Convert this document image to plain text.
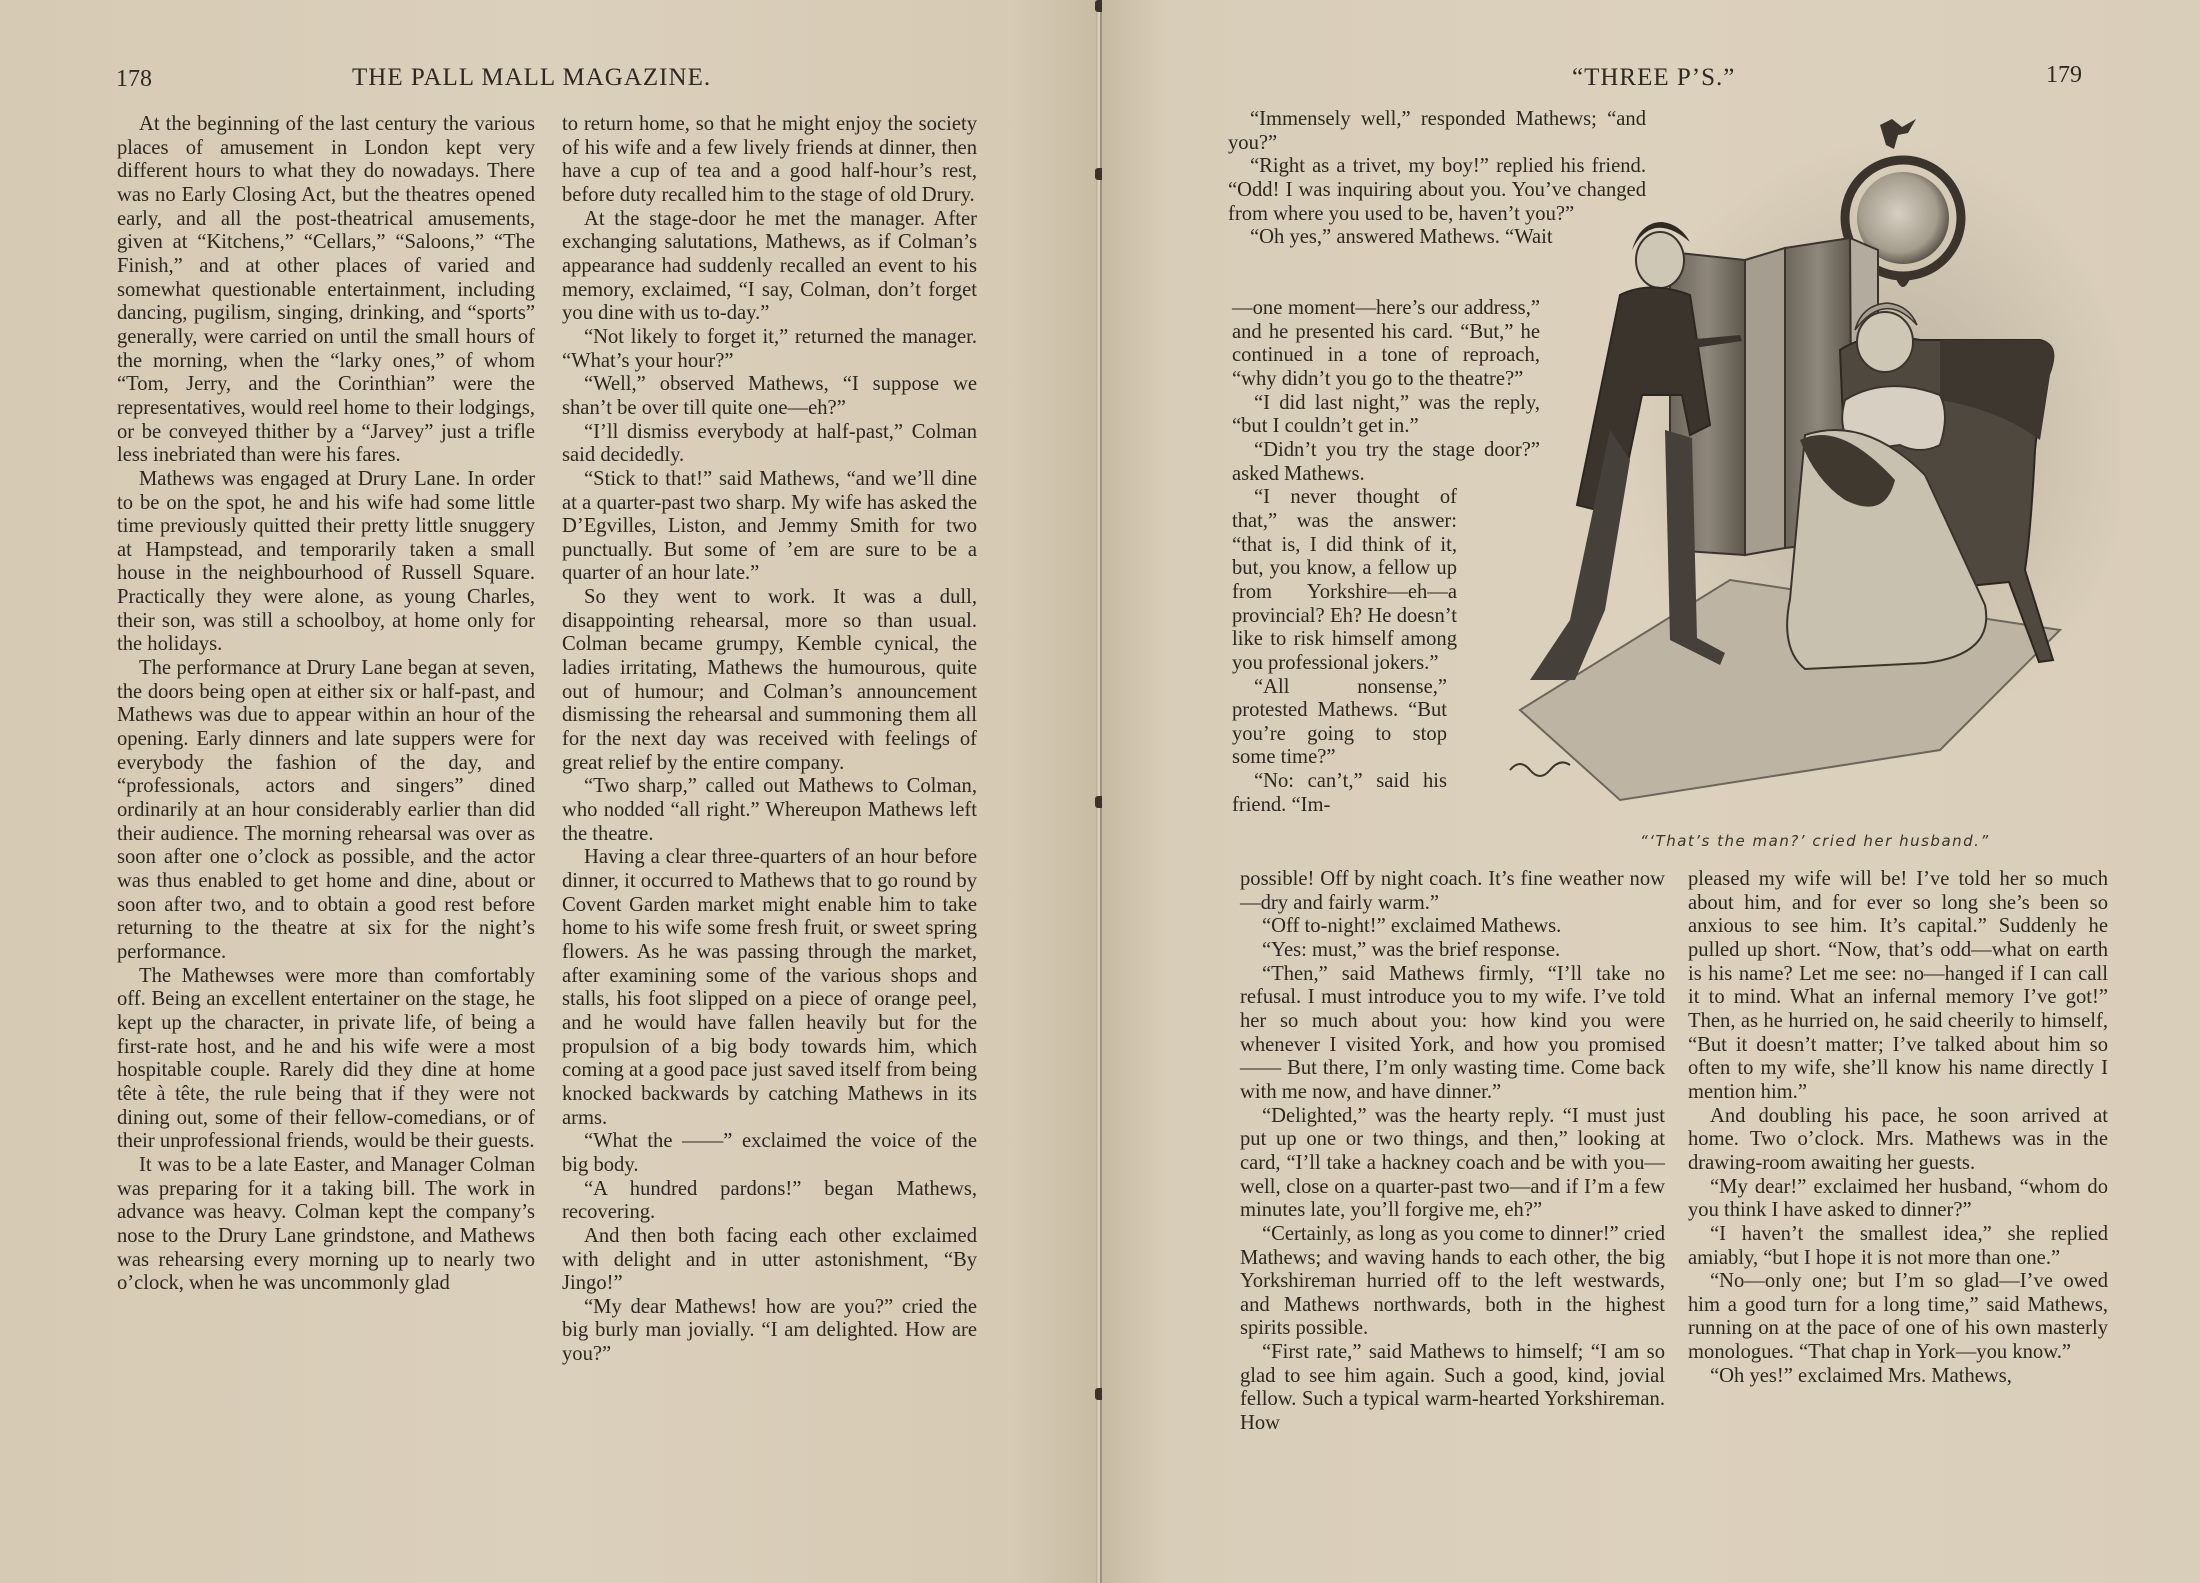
178	THE PALL MALL MAGAZINE.

At the beginning of the last century the various places of amusement in London kept very different hours to what they do nowadays. There was no Early Closing Act, but the theatres opened early, and all the post-theatrical amusements, given at “Kitchens,” “Cellars,” “Saloons,” “The Finish,” and at other places of varied and somewhat questionable entertainment, including dancing, pugilism, singing, drinking, and “sports” generally, were carried on until the small hours of the morning, when the “larky ones,” of whom “Tom, Jerry, and the Corinthian” were the representatives, would reel home to their lodgings, or be conveyed thither by a “Jarvey” just a trifle less inebriated than were his fares.

Mathews was engaged at Drury Lane. In order to be on the spot, he and his wife had some little time previously quitted their pretty little snuggery at Hampstead, and temporarily taken a small house in the neighbourhood of Russell Square. Practically they were alone, as young Charles, their son, was still a schoolboy, at home only for the holidays.

The performance at Drury Lane began at seven, the doors being open at either six or half-past, and Mathews was due to appear within an hour of the opening. Early dinners and late suppers were for everybody the fashion of the day, and “professionals, actors and singers” dined ordinarily at an hour considerably earlier than did their audience. The morning rehearsal was over as soon after one o’clock as possible, and the actor was thus enabled to get home and dine, about or soon after two, and to obtain a good rest before returning to the theatre at six for the night’s performance.

The Mathewses were more than comfortably off. Being an excellent entertainer on the stage, he kept up the character, in private life, of being a first-rate host, and he and his wife were a most hospitable couple. Rarely did they dine at home tête à tête, the rule being that if they were not dining out, some of their fellow-comedians, or of their unprofessional friends, would be their guests.

It was to be a late Easter, and Manager Colman was preparing for it a taking bill. The work in advance was heavy. Colman kept the company’s nose to the Drury Lane grindstone, and Mathews was rehearsing every morning up to nearly two o’clock, when he was uncommonly glad

to return home, so that he might enjoy the society of his wife and a few lively friends at dinner, then have a cup of tea and a good half-hour’s rest, before duty recalled him to the stage of old Drury.

At the stage-door he met the manager. After exchanging salutations, Mathews, as if Colman’s appearance had suddenly recalled an event to his memory, exclaimed, “I say, Colman, don’t forget you dine with us to-day.”

“Not likely to forget it,” returned the manager. “What’s your hour?”

“Well,” observed Mathews, “I suppose we shan’t be over till quite one—eh?”

“I’ll dismiss everybody at half-past,” Colman said decidedly.

“Stick to that!” said Mathews, “and we’ll dine at a quarter-past two sharp. My wife has asked the D’Egvilles, Liston, and Jemmy Smith for two punctually. But some of ’em are sure to be a quarter of an hour late.”

So they went to work. It was a dull, disappointing rehearsal, more so than usual. Colman became grumpy, Kemble cynical, the ladies irritating, Mathews the humourous, quite out of humour; and Colman’s announcement dismissing the rehearsal and summoning them all for the next day was received with feelings of great relief by the entire company.

“Two sharp,” called out Mathews to Colman, who nodded “all right.” Whereupon Mathews left the theatre.

Having a clear three-quarters of an hour before dinner, it occurred to Mathews that to go round by Covent Garden market might enable him to take home to his wife some fresh fruit, or sweet spring flowers. As he was passing through the market, after examining some of the various shops and stalls, his foot slipped on a piece of orange peel, and he would have fallen heavily but for the propulsion of a big body towards him, which coming at a good pace just saved itself from being knocked backwards by catching Mathews in its arms.

“What the ——” exclaimed the voice of the big body.

“A hundred pardons!” began Mathews, recovering.

And then both facing each other exclaimed with delight and in utter astonishment, “By Jingo!”

“My dear Mathews! how are you?” cried the big burly man jovially. “I am delighted. How are you?”

“THREE P’S.”	179

“Immensely well,” responded Mathews; “and you?”

“Right as a trivet, my boy!” replied his friend. “Odd! I was inquiring about you. You’ve changed from where you used to be, haven’t you?”

“Oh yes,” answered Mathews. “Wait

—one moment—here’s our address,” and he presented his card. “But,” he continued in a tone of reproach, “why didn’t you go to the theatre?”

“I did last night,” was the reply, “but I couldn’t get in.”

“Didn’t you try the stage door?” asked Mathews.

“I never thought of that,” was the answer: “that is, I did think of it, but, you know, a fellow up from Yorkshire—eh—a provincial? Eh? He doesn’t like to risk himself among you professional jokers.”

“All nonsense,” protested Mathews. “But you’re going to stop some time?”

“No: can’t,” said his friend. “Im-

“‘That’s the man?’ cried her husband.”

possible! Off by night coach. It’s fine weather now—dry and fairly warm.”

“Off to-night!” exclaimed Mathews.

“Yes: must,” was the brief response.

“Then,” said Mathews firmly, “I’ll take no refusal. I must introduce you to my wife. I’ve told her so much about you: how kind you were whenever I visited York, and how you promised—— But there, I’m only wasting time. Come back with me now, and have dinner.”

“Delighted,” was the hearty reply. “I must just put up one or two things, and then,” looking at card, “I’ll take a hackney coach and be with you—well, close on a quarter-past two—and if I’m a few minutes late, you’ll forgive me, eh?”

“Certainly, as long as you come to dinner!” cried Mathews; and waving hands to each other, the big Yorkshireman hurried off to the left westwards, and Mathews northwards, both in the highest spirits possible.

“First rate,” said Mathews to himself; “I am so glad to see him again. Such a good, kind, jovial fellow. Such a typical warm-hearted Yorkshireman. How

pleased my wife will be! I’ve told her so much about him, and for ever so long she’s been so anxious to see him. It’s capital.” Suddenly he pulled up short. “Now, that’s odd—what on earth is his name? Let me see: no—hanged if I can call it to mind. What an infernal memory I’ve got!” Then, as he hurried on, he said cheerily to himself, “But it doesn’t matter; I’ve talked about him so often to my wife, she’ll know his name directly I mention him.”

And doubling his pace, he soon arrived at home. Two o’clock. Mrs. Mathews was in the drawing-room awaiting her guests.

“My dear!” exclaimed her husband, “whom do you think I have asked to dinner?”

“I haven’t the smallest idea,” she replied amiably, “but I hope it is not more than one.”

“No—only one; but I’m so glad—I’ve owed him a good turn for a long time,” said Mathews, running on at the pace of one of his own masterly monologues. “That chap in York—you know.”

“Oh yes!” exclaimed Mrs. Mathews,
